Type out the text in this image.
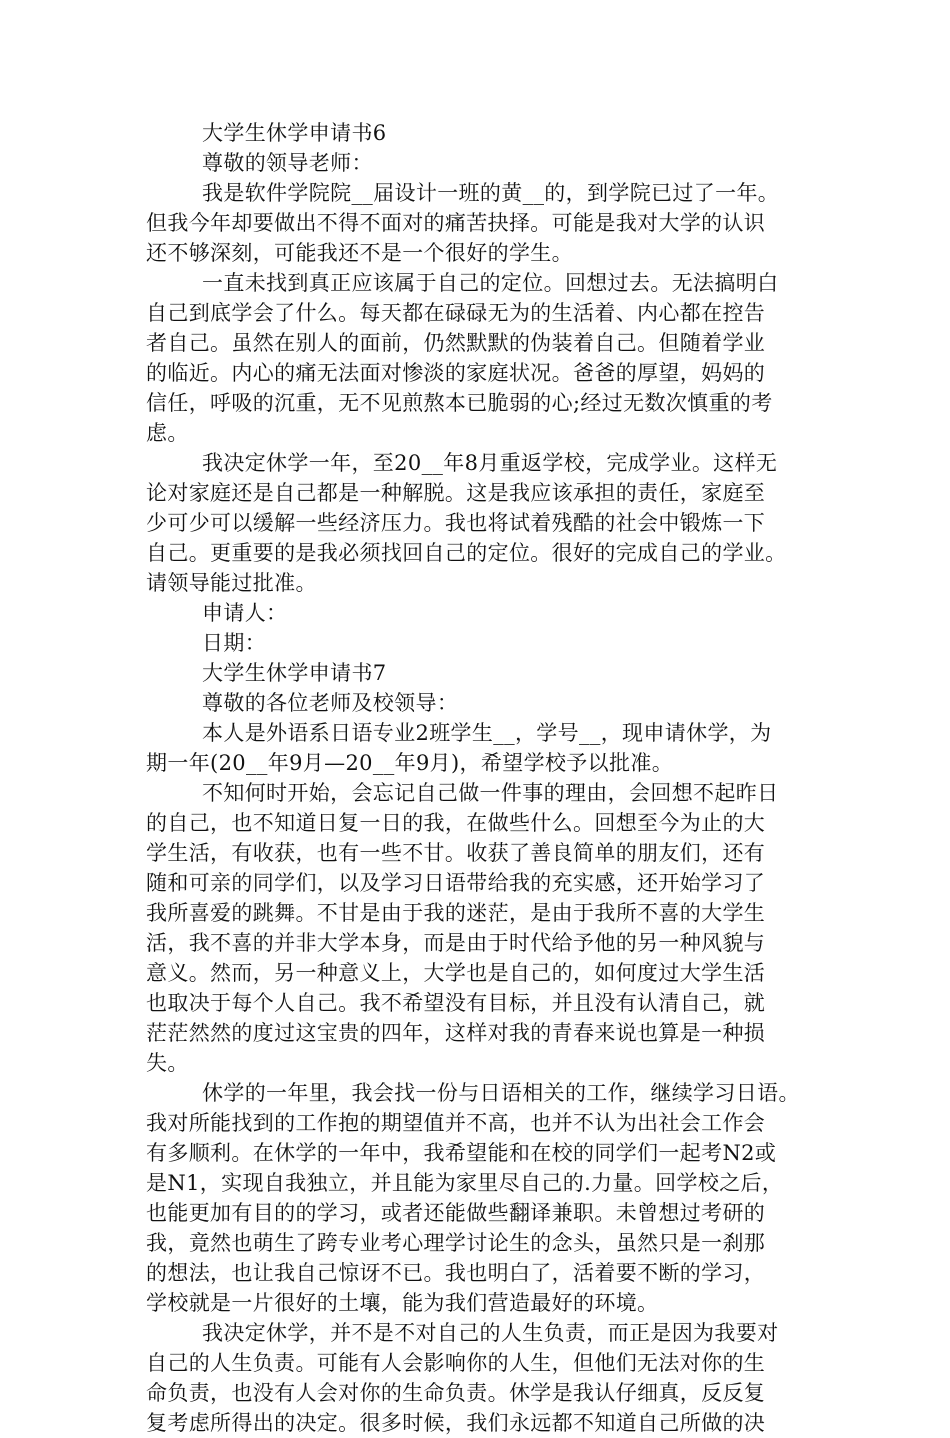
大学生休学申请书6
尊敬的领导老师：
我是软件学院院__届设计一班的黄__的，到学院已过了一年。
但我今年却要做出不得不面对的痛苦抉择。可能是我对大学的认识
还不够深刻，可能我还不是一个很好的学生。
一直未找到真正应该属于自己的定位。回想过去。无法搞明白
自己到底学会了什么。每天都在碌碌无为的生活着、内心都在控告
者自己。虽然在别人的面前，仍然默默的伪装着自己。但随着学业
的临近。内心的痛无法面对惨淡的家庭状况。爸爸的厚望，妈妈的
信任，呼吸的沉重，无不见煎熬本已脆弱的心;经过无数次慎重的考
虑。
我决定休学一年，至20__年8月重返学校，完成学业。这样无
论对家庭还是自己都是一种解脱。这是我应该承担的责任，家庭至
少可少可以缓解一些经济压力。我也将试着残酷的社会中锻炼一下
自己。更重要的是我必须找回自己的定位。很好的完成自己的学业。
请领导能过批准。
申请人：
日期：
大学生休学申请书7
尊敬的各位老师及校领导：
本人是外语系日语专业2班学生__，学号__，现申请休学，为
期一年(20__年9月—20__年9月)，希望学校予以批准。
不知何时开始，会忘记自己做一件事的理由，会回想不起昨日
的自己，也不知道日复一日的我，在做些什么。回想至今为止的大
学生活，有收获，也有一些不甘。收获了善良简单的朋友们，还有
随和可亲的同学们，以及学习日语带给我的充实感，还开始学习了
我所喜爱的跳舞。不甘是由于我的迷茫，是由于我所不喜的大学生
活，我不喜的并非大学本身，而是由于时代给予他的另一种风貌与
意义。然而，另一种意义上，大学也是自己的，如何度过大学生活
也取决于每个人自己。我不希望没有目标，并且没有认清自己，就
茫茫然然的度过这宝贵的四年，这样对我的青春来说也算是一种损
失。
休学的一年里，我会找一份与日语相关的工作，继续学习日语。
我对所能找到的工作抱的期望值并不高，也并不认为出社会工作会
有多顺利。在休学的一年中，我希望能和在校的同学们一起考N2或
是N1，实现自我独立，并且能为家里尽自己的.力量。回学校之后，
也能更加有目的的学习，或者还能做些翻译兼职。未曾想过考研的
我，竟然也萌生了跨专业考心理学讨论生的念头，虽然只是一刹那
的想法，也让我自己惊讶不已。我也明白了，活着要不断的学习，
学校就是一片很好的土壤，能为我们营造最好的环境。
我决定休学，并不是不对自己的人生负责，而正是因为我要对
自己的人生负责。可能有人会影响你的人生，但他们无法对你的生
命负责，也没有人会对你的生命负责。休学是我认仔细真，反反复
复考虑所得出的决定。很多时候，我们永远都不知道自己所做的决
